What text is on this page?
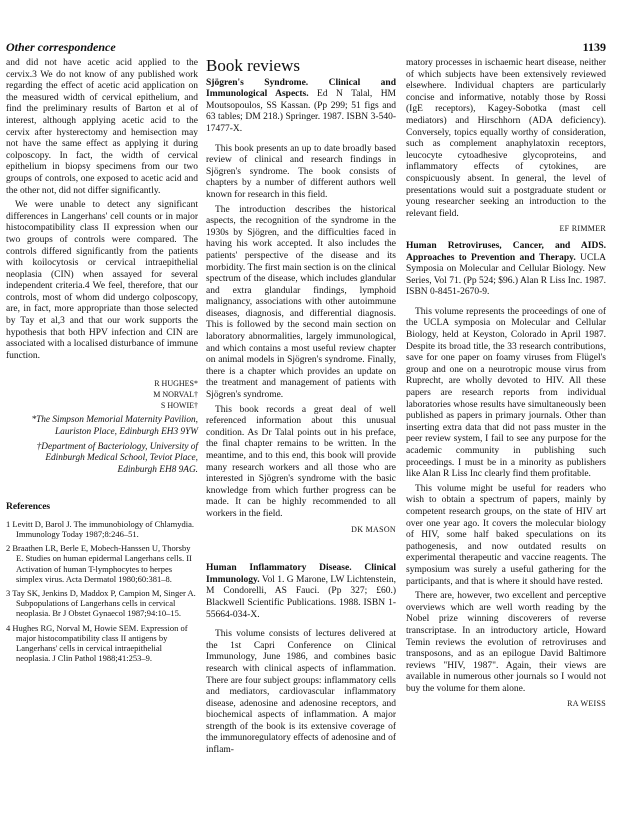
Other correspondence	1139

and did not have acetic acid applied to the cervix.3 We do not know of any published work regarding the effect of acetic acid application on the measured width of cervical epithelium, and find the preliminary results of Barton et al of interest, although applying acetic acid to the cervix after hysterectomy and hemisection may not have the same effect as applying it during colposcopy. In fact, the width of cervical epithelium in biopsy specimens from our two groups of controls, one exposed to acetic acid and the other not, did not differ significantly.

We were unable to detect any significant differences in Langerhans' cell counts or in major histocompatibility class II expression when our two groups of controls were compared. The controls differed significantly from the patients with koilocytosis or cervical intraepithelial neoplasia (CIN) when assayed for several independent criteria.4 We feel, therefore, that our controls, most of whom did undergo colposcopy, are, in fact, more appropriate than those selected by Tay et al,3 and that our work supports the hypothesis that both HPV infection and CIN are associated with a localised disturbance of immune function.

R HUGHES*
M NORVAL†
S HOWIE†
*The Simpson Memorial Maternity Pavilion, Lauriston Place, Edinburgh EH3 9YW
†Department of Bacteriology, University of Edinburgh Medical School, Teviot Place, Edinburgh EH8 9AG.
References
1 Levitt D, Barol J. The immunobiology of Chlamydia. Immunology Today 1987;8:246–51.
2 Braathen LR, Berle E, Mobech-Hanssen U, Thorsby E. Studies on human epidermal Langerhans cells. II Activation of human T-lymphocytes to herpes simplex virus. Acta Dermatol 1980;60:381–8.
3 Tay SK, Jenkins D, Maddox P, Campion M, Singer A. Subpopulations of Langerhans cells in cervical neoplasia. Br J Obstet Gynaecol 1987;94:10–15.
4 Hughes RG, Norval M, Howie SEM. Expression of major histocompatibility class II antigens by Langerhans' cells in cervical intraepithelial neoplasia. J Clin Pathol 1988;41:253–9.
Book reviews

Sjögren's Syndrome. Clinical and Immunological Aspects. Ed N Talal, HM Moutsopoulos, SS Kassan. (Pp 299; 51 figs and 63 tables; DM 218.) Springer. 1987. ISBN 3-540-17477-X.

This book presents an up to date broadly based review of clinical and research findings in Sjögren's syndrome. The book consists of chapters by a number of different authors well known for research in this field.

The introduction describes the historical aspects, the recognition of the syndrome in the 1930s by Sjögren, and the difficulties faced in having his work accepted. It also includes the patients' perspective of the disease and its morbidity. The first main section is on the clinical spectrum of the disease, which includes glandular and extra glandular findings, lymphoid malignancy, associations with other autoimmune diseases, diagnosis, and differential diagnosis. This is followed by the second main section on laboratory abnormalities, largely immunological, and which contains a most useful review chapter on animal models in Sjögren's syndrome. Finally, there is a chapter which provides an update on the treatment and management of patients with Sjögren's syndrome.

This book records a great deal of well referenced information about this unusual condition. As Dr Talal points out in his preface, the final chapter remains to be written. In the meantime, and to this end, this book will provide many research workers and all those who are interested in Sjögren's syndrome with the basic knowledge from which further progress can be made. It can be highly recommended to all workers in the field.

DK MASON

Human Inflammatory Disease. Clinical Immunology. Vol 1. G Marone, LW Lichtenstein, M Condorelli, AS Fauci. (Pp 327; £60.) Blackwell Scientific Publications. 1988. ISBN 1-55664-034-X.

This volume consists of lectures delivered at the 1st Capri Conference on Clinical Immunology, June 1986, and combines basic research with clinical aspects of inflammation. There are four subject groups: inflammatory cells and mediators, cardiovascular inflammatory disease, adenosine and adenosine receptors, and biochemical aspects of inflammation. A major strength of the book is its extensive coverage of the immunoregulatory effects of adenosine and of inflam-

matory processes in ischaemic heart disease, neither of which subjects have been extensively reviewed elsewhere. Individual chapters are particularly concise and informative, notably those by Rossi (IgE receptors), Kagey-Sobotka (mast cell mediators) and Hirschhorn (ADA deficiency). Conversely, topics equally worthy of consideration, such as complement anaphylatoxin receptors, leucocyte cytoadhesive glycoproteins, and inflammatory effects of cytokines, are conspicuously absent. In general, the level of presentations would suit a postgraduate student or young researcher seeking an introduction to the relevant field.

EF RIMMER

Human Retroviruses, Cancer, and AIDS. Approaches to Prevention and Therapy. UCLA Symposia on Molecular and Cellular Biology. New Series, Vol 71. (Pp 524; $96.) Alan R Liss Inc. 1987. ISBN 0-8451-2670-9.

This volume represents the proceedings of one of the UCLA symposia on Molecular and Cellular Biology, held at Keyston, Colorado in April 1987. Despite its broad title, the 33 research contributions, save for one paper on foamy viruses from Flügel's group and one on a neurotropic mouse virus from Ruprecht, are wholly devoted to HIV. All these papers are research reports from individual laboratories whose results have simultaneously been published as papers in primary journals. Other than inserting extra data that did not pass muster in the peer review system, I fail to see any purpose for the academic community in publishing such proceedings. I must be in a minority as publishers like Alan R Liss Inc clearly find them profitable.

This volume might be useful for readers who wish to obtain a spectrum of papers, mainly by competent research groups, on the state of HIV art over one year ago. It covers the molecular biology of HIV, some half baked speculations on its pathogenesis, and now outdated results on experimental therapeutic and vaccine reagents. The symposium was surely a useful gathering for the participants, and that is where it should have rested.

There are, however, two excellent and perceptive overviews which are well worth reading by the Nobel prize winning discoverers of reverse transcriptase. In an introductory article, Howard Temin reviews the evolution of retroviruses and transposons, and as an epilogue David Baltimore reviews "HIV, 1987". Again, their views are available in numerous other journals so I would not buy the volume for them alone.

RA WEISS
